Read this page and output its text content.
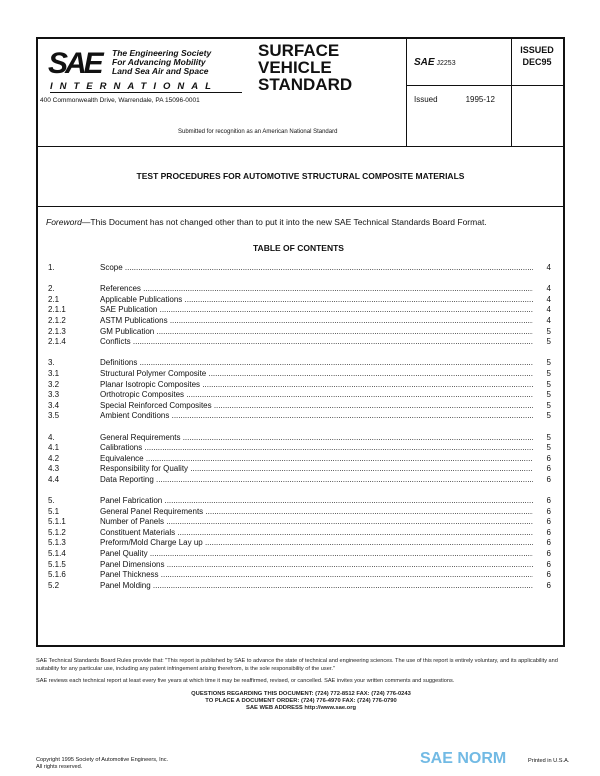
SAE The Engineering Society
For Advancing Mobility
Land Sea Air and Space
INTERNATIONAL
400 Commonwealth Drive, Warrendale, PA 15096-0001
SURFACE
VEHICLE
STANDARD
Submitted for recognition as an American National Standard
SAE J2253
Issued	1995-12
ISSUED
DEC95
TEST PROCEDURES FOR AUTOMOTIVE STRUCTURAL COMPOSITE MATERIALS
Foreword—This Document has not changed other than to put it into the new SAE Technical Standards Board Format.
TABLE OF CONTENTS
1.	Scope .....	4
2.	References .....	4
2.1	Applicable Publications .....	4
2.1.1	SAE Publication .....	4
2.1.2	ASTM Publications .....	4
2.1.3	GM Publication .....	5
2.1.4	Conflicts .....	5
3.	Definitions .....	5
3.1	Structural Polymer Composite .....	5
3.2	Planar Isotropic Composites .....	5
3.3	Orthotropic Composites .....	5
3.4	Special Reinforced Composites .....	5
3.5	Ambient Conditions .....	5
4.	General Requirements .....	5
4.1	Calibrations .....	5
4.2	Equivalence .....	6
4.3	Responsibility for Quality .....	6
4.4	Data Reporting .....	6
5.	Panel Fabrication .....	6
5.1	General Panel Requirements .....	6
5.1.1	Number of Panels .....	6
5.1.2	Constituent Materials .....	6
5.1.3	Preform/Mold Charge Lay up .....	6
5.1.4	Panel Quality .....	6
5.1.5	Panel Dimensions .....	6
5.1.6	Panel Thickness .....	6
5.2	Panel Molding .....	6
SAE Technical Standards Board Rules provide that: "This report is published by SAE to advance the state of technical and engineering sciences. The use of this report is entirely voluntary, and its applicability and suitability for any particular use, including any patent infringement arising therefrom, is the sole responsibility of the user."
SAE reviews each technical report at least every five years at which time it may be reaffirmed, revised, or cancelled. SAE invites your written comments and suggestions.
QUESTIONS REGARDING THIS DOCUMENT: (724) 772-8512 FAX: (724) 776-0243
TO PLACE A DOCUMENT ORDER: (724) 776-4970 FAX: (724) 776-0790
SAE WEB ADDRESS http://www.sae.org
Copyright 1995 Society of Automotive Engineers, Inc.
All rights reserved.	SAE NORM	Printed in U.S.A.
